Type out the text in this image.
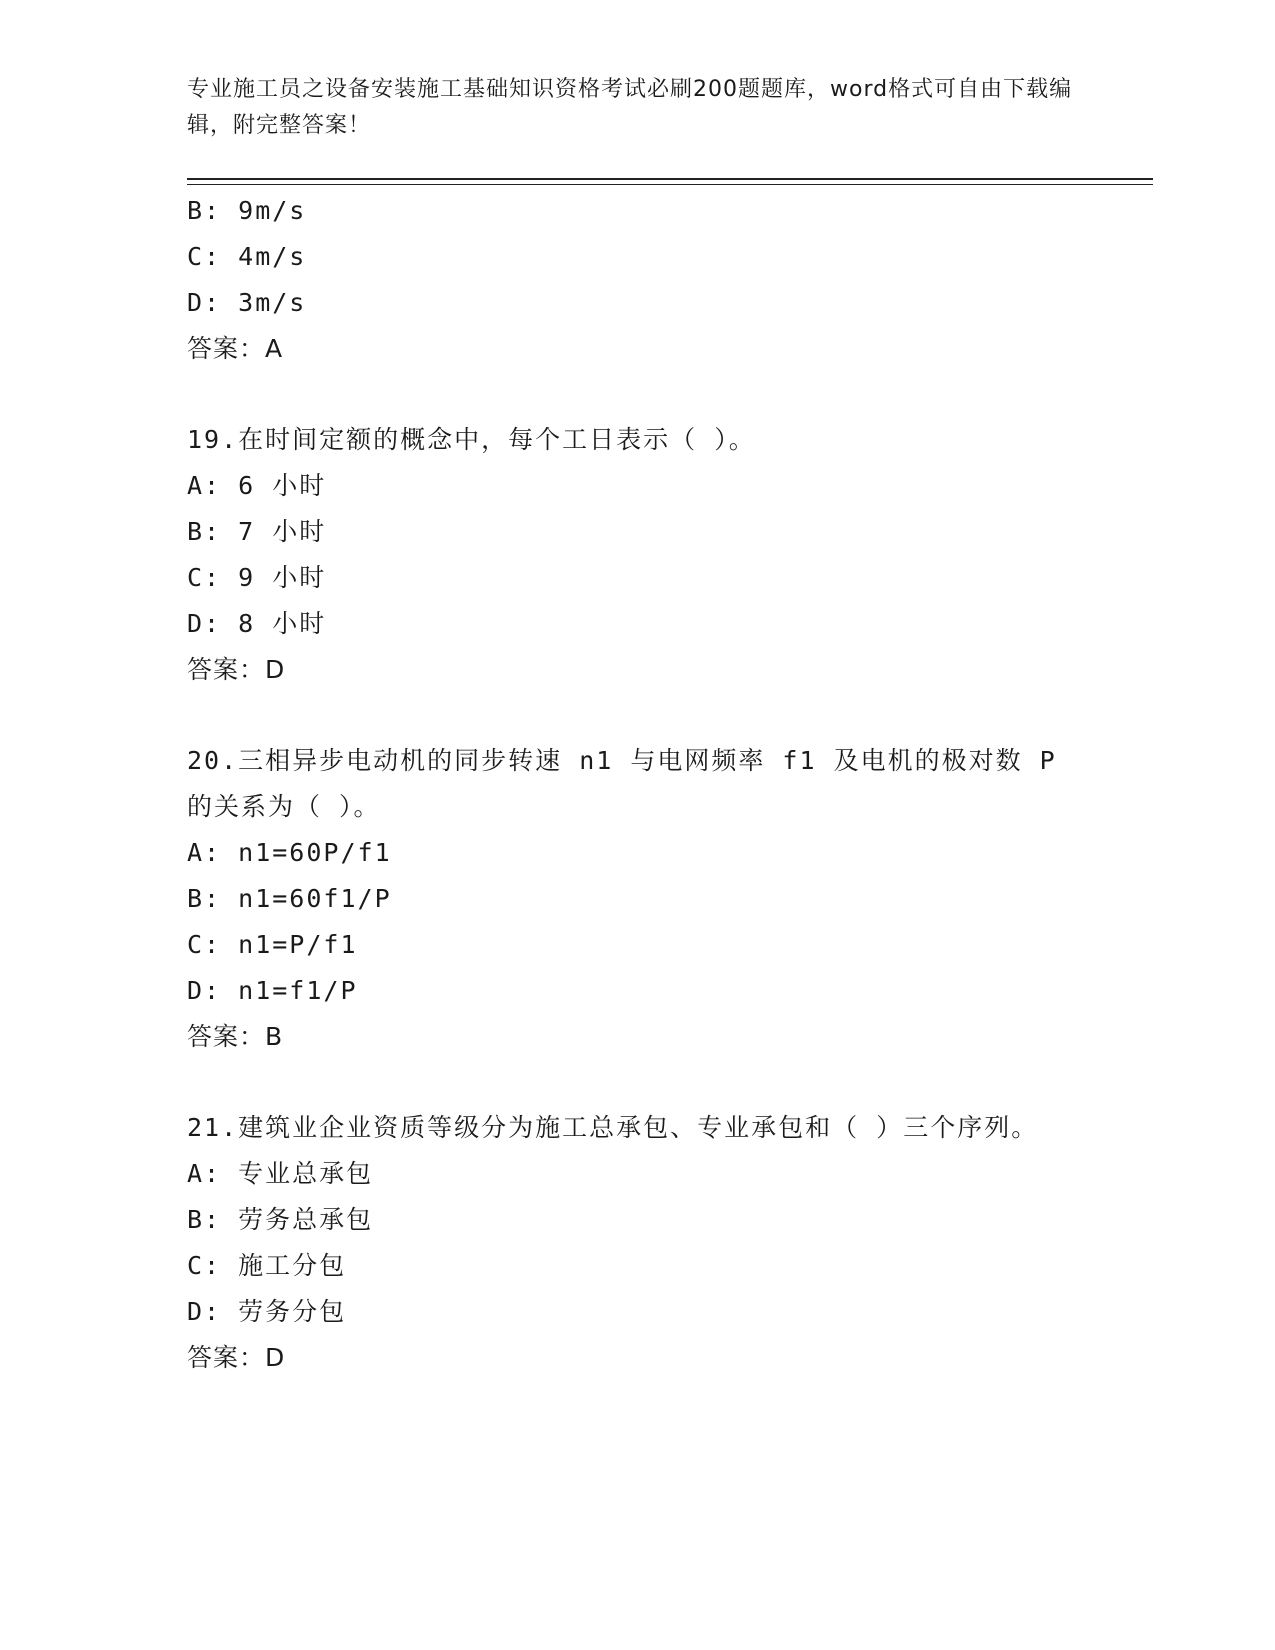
专业施工员之设备安装施工基础知识资格考试必刷200题题库，word格式可自由下载编辑，附完整答案！
B: 9m/s
C: 4m/s
D: 3m/s
答案：A
19.在时间定额的概念中，每个工日表示（ ）。
A: 6 小时
B: 7 小时
C: 9 小时
D: 8 小时
答案：D
20.三相异步电动机的同步转速 n1 与电网频率 f1 及电机的极对数 P 的关系为（ ）。
A: n1=60P/f1
B: n1=60f1/P
C: n1=P/f1
D: n1=f1/P
答案：B
21.建筑业企业资质等级分为施工总承包、专业承包和（ ）三个序列。
A: 专业总承包
B: 劳务总承包
C: 施工分包
D: 劳务分包
答案：D
